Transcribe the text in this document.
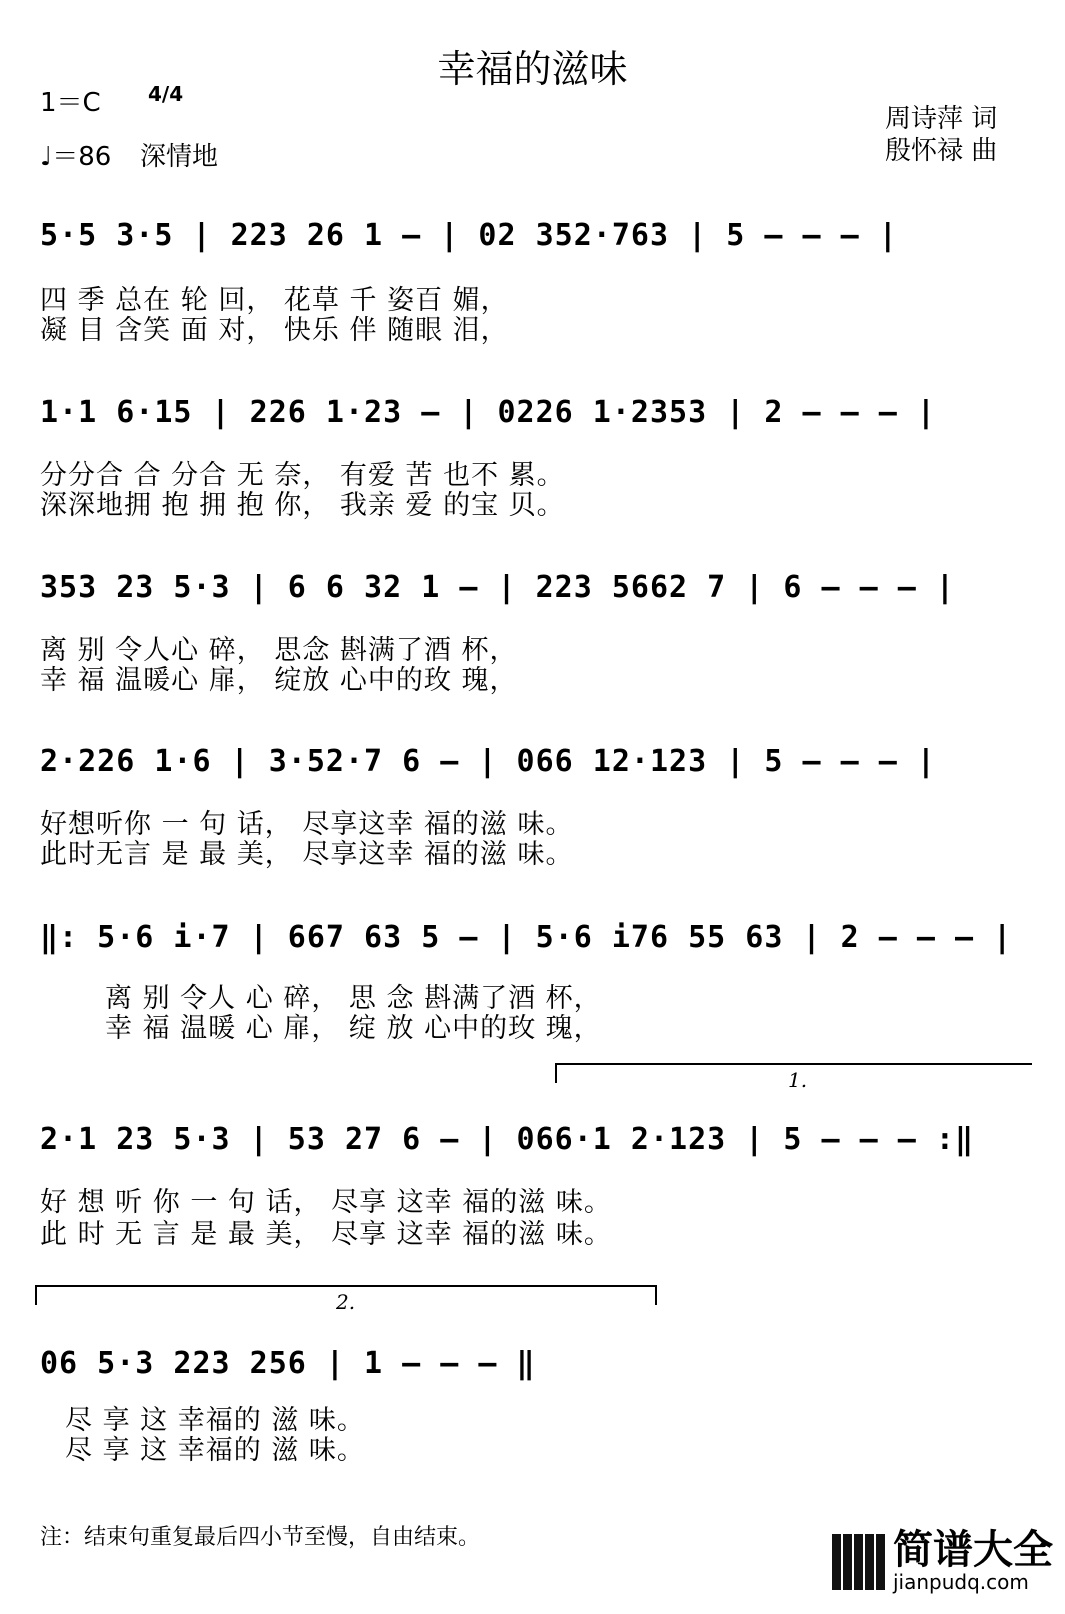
幸福的滋味
1＝C 4/4
♩＝86 深情地
周诗萍 词
殷怀禄 曲
5·5 3·5 | 223 26 1 — | 02 352·763 | 5 — — — |
四 季 总在 轮 回， 花草 千 姿百 媚，
凝 目 含笑 面 对， 快乐 伴 随眼 泪，
1·1 6·15 | 226 1·23 — | 0226 1·2353 | 2 — — — |
分分合 合 分合 无 奈， 有爱 苦 也不 累。
深深地拥 抱 拥 抱 你， 我亲 爱 的宝 贝。
353 23 5·3 | 6 6 32 1 — | 223 5662 7 | 6 — — — |
离 别 令人心 碎， 思念 斟满了酒 杯，
幸 福 温暖心 扉， 绽放 心中的玫 瑰，
2·226 1·6 | 3·52·7 6 — | 066 12·123 | 5 — — — |
好想听你 一 句 话， 尽享这幸 福的滋 味。
此时无言 是 最 美， 尽享这幸 福的滋 味。
‖: 5·6 i·7 | 667 63 5 — | 5·6 i76 55 63 | 2 — — — |
离 别 令人 心 碎， 思 念 斟满了酒 杯，
幸 福 温暖 心 扉， 绽 放 心中的玫 瑰，
1.
2·1 23 5·3 | 53 27 6 — | 066·1 2·123 | 5 — — — :‖
好 想 听 你 一 句 话， 尽享 这幸 福的滋 味。
此 时 无 言 是 最 美， 尽享 这幸 福的滋 味。
2.
06 5·3 223 256 | 1 — — — ‖
尽 享 这 幸福的 滋 味。
尽 享 这 幸福的 滋 味。
注：结束句重复最后四小节至慢，自由结束。	简谱大全
jianpudq.com
